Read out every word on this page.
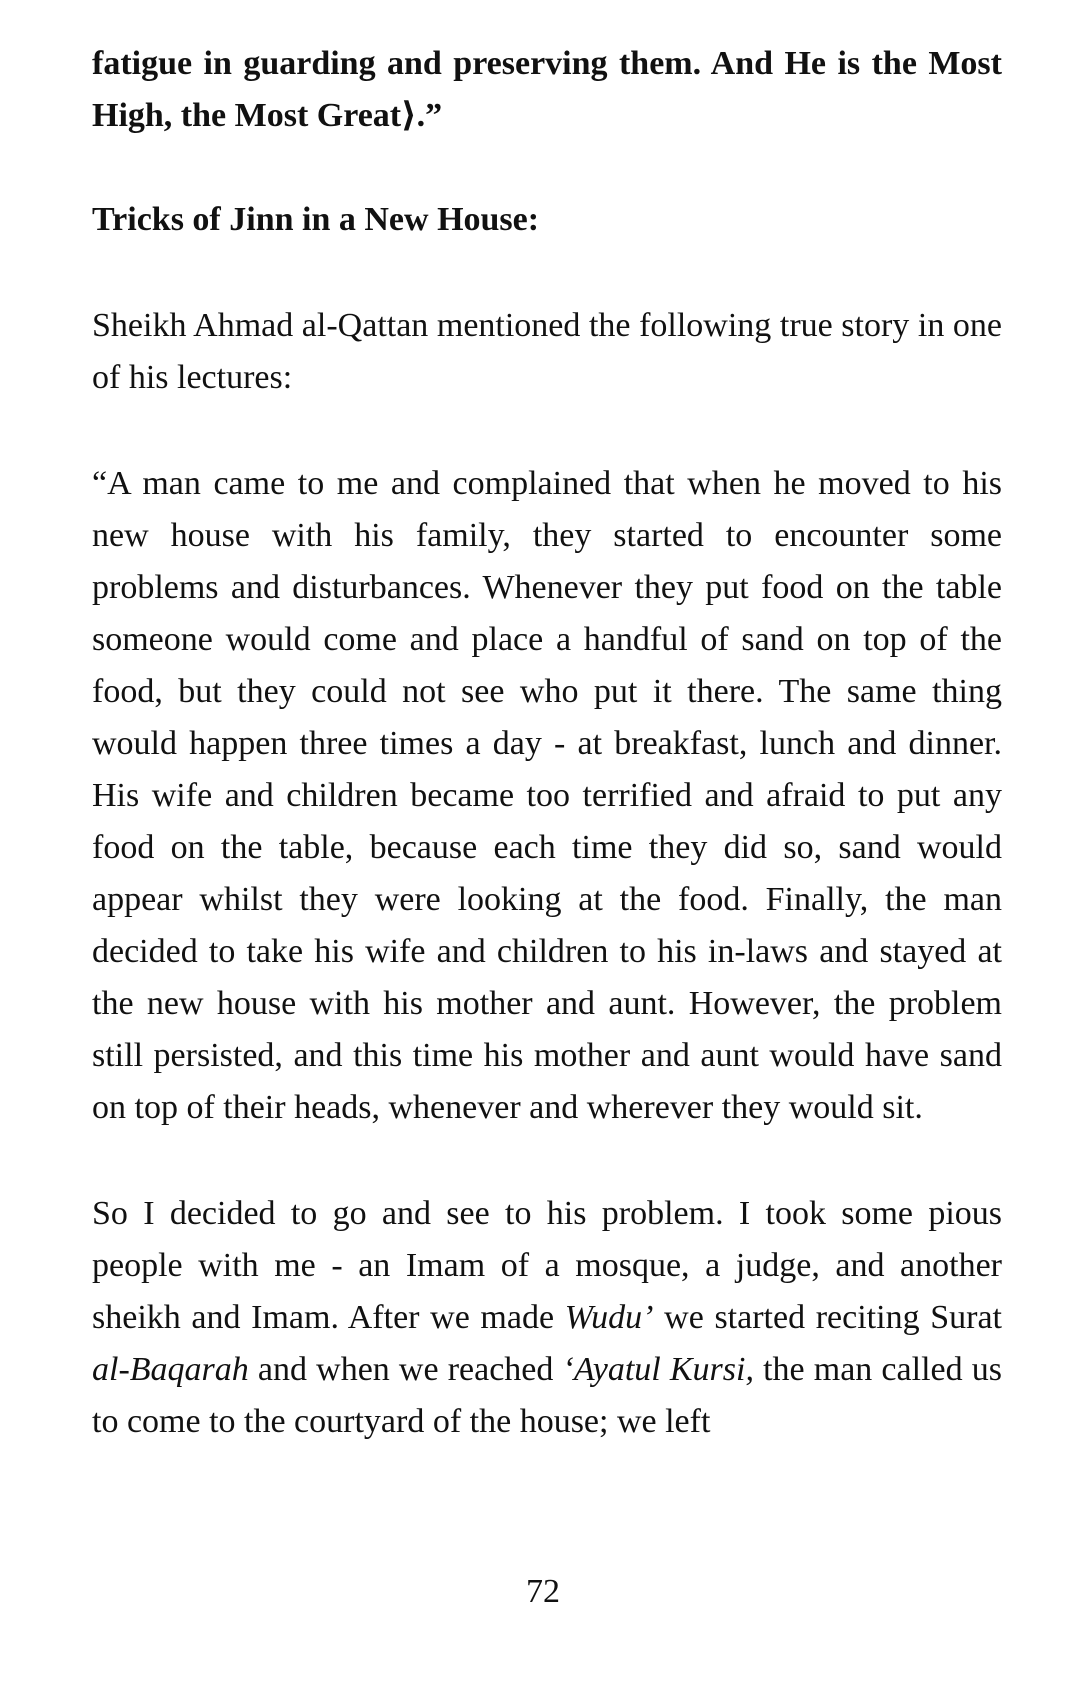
fatigue in guarding and preserving them. And He is the Most High, the Most Great⟩.”

Tricks of Jinn in a New House:

Sheikh Ahmad al-Qattan mentioned the following true story in one of his lectures:

“A man came to me and complained that when he moved to his new house with his family, they started to encounter some problems and disturbances. Whenever they put food on the table someone would come and place a handful of sand on top of the food, but they could not see who put it there. The same thing would happen three times a day - at breakfast, lunch and dinner. His wife and children became too terrified and afraid to put any food on the table, because each time they did so, sand would appear whilst they were looking at the food. Finally, the man decided to take his wife and children to his in-laws and stayed at the new house with his mother and aunt. However, the problem still persisted, and this time his mother and aunt would have sand on top of their heads, whenever and wherever they would sit.

So I decided to go and see to his problem. I took some pious people with me - an Imam of a mosque, a judge, and another sheikh and Imam. After we made Wudu’ we started reciting Surat al-Baqarah and when we reached ‘Ayatul Kursi, the man called us to come to the courtyard of the house; we left

72
